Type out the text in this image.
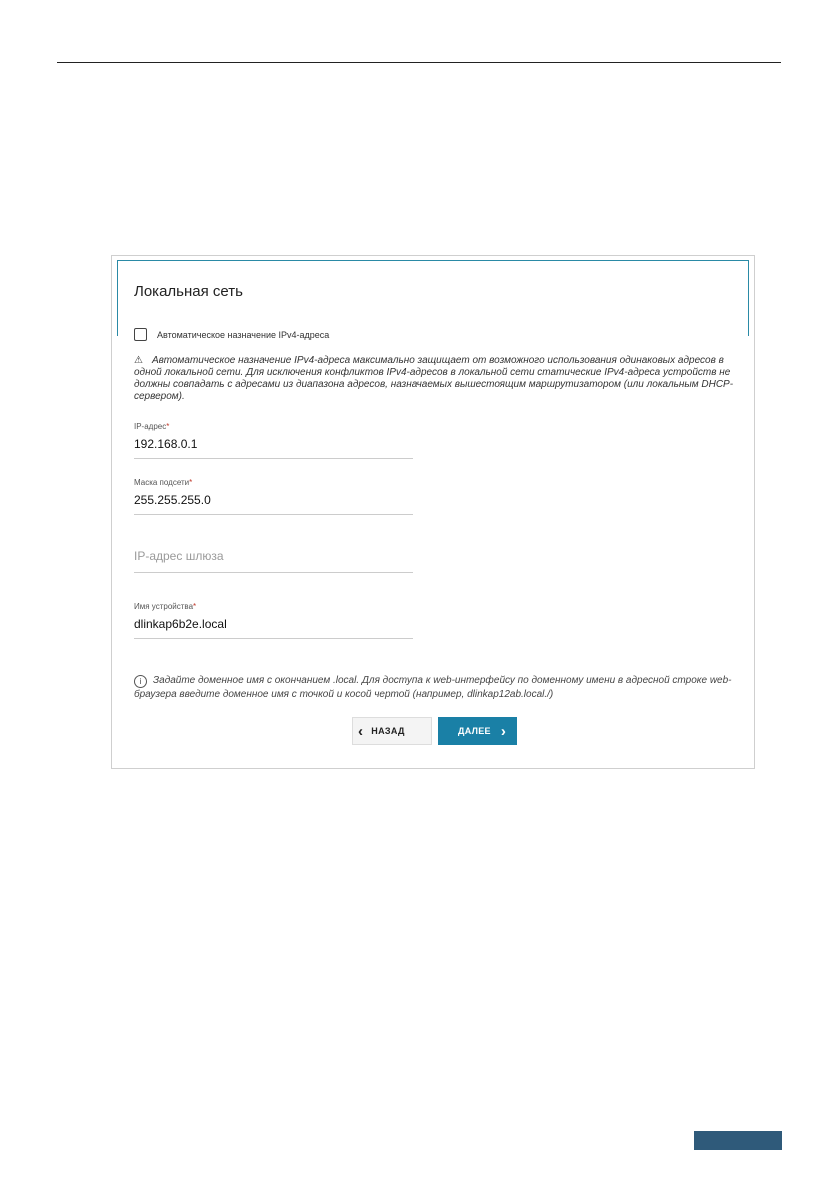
Локальная сеть
Автоматическое назначение IPv4-адреса
⚠ Автоматическое назначение IPv4-адреса максимально защищает от возможного использования одинаковых адресов в одной локальной сети. Для исключения конфликтов IPv4-адресов в локальной сети статические IPv4-адреса устройств не должны совпадать с адресами из диапазона адресов, назначаемых вышестоящим маршрутизатором (или локальным DHCP-сервером).
IP-адрес*
192.168.0.1
Маска подсети*
255.255.255.0
IP-адрес шлюза
Имя устройства*
dlinkap6b2e.local
i Задайте доменное имя с окончанием .local. Для доступа к web-интерфейсу по доменному имени в адресной строке web-браузера введите доменное имя с точкой и косой чертой (например, dlinkap12ab.local./)
‹ НАЗАД	ДАЛЕЕ ›
